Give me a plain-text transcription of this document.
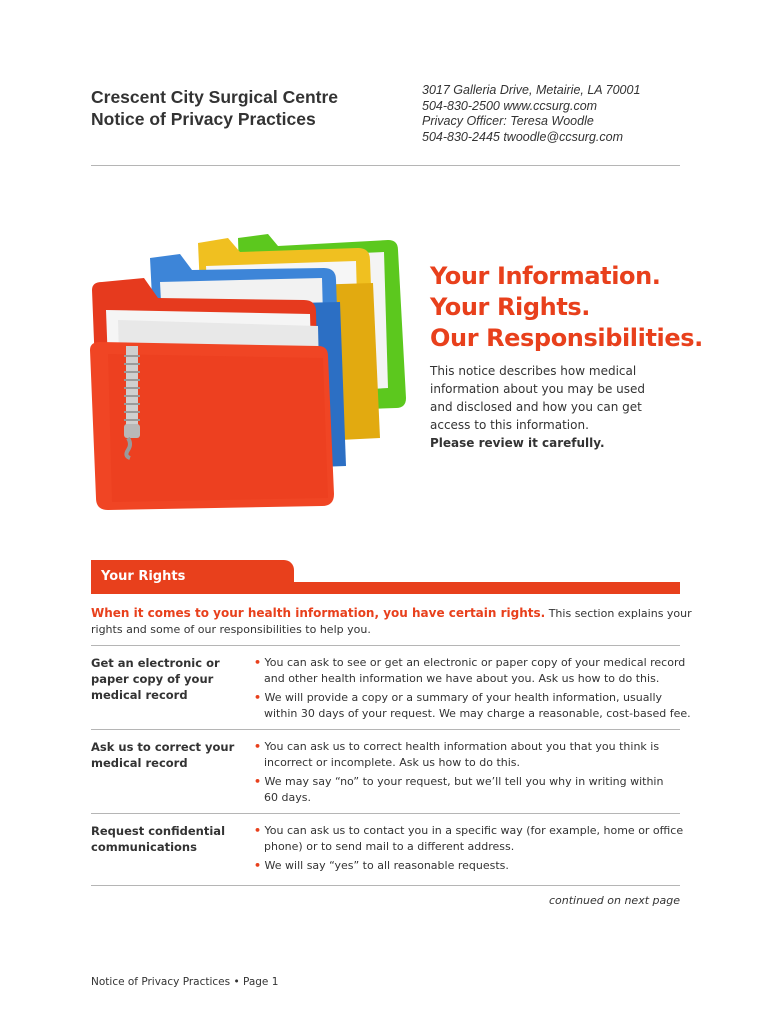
Crescent City Surgical Centre
Notice of Privacy Practices
3017 Galleria Drive, Metairie, LA 70001
504-830-2500 www.ccsurg.com
Privacy Officer: Teresa Woodle
504-830-2445 twoodle@ccsurg.com
Your Information.
Your Rights.
Our Responsibilities.
This notice describes how medical
information about you may be used
and disclosed and how you can get
access to this information.
Please review it carefully.
Your Rights
When it comes to your health information, you have certain rights. This section explains your
rights and some of our responsibilities to help you.
Get an electronic or
paper copy of your
medical record
• You can ask to see or get an electronic or paper copy of your medical record
and other health information we have about you. Ask us how to do this.
• We will provide a copy or a summary of your health information, usually
within 30 days of your request. We may charge a reasonable, cost-based fee.
Ask us to correct your
medical record
• You can ask us to correct health information about you that you think is
incorrect or incomplete. Ask us how to do this.
• We may say “no” to your request, but we’ll tell you why in writing within
60 days.
Request confidential
communications
• You can ask us to contact you in a specific way (for example, home or office
phone) or to send mail to a different address.
• We will say “yes” to all reasonable requests.
continued on next page
Notice of Privacy Practices • Page 1
